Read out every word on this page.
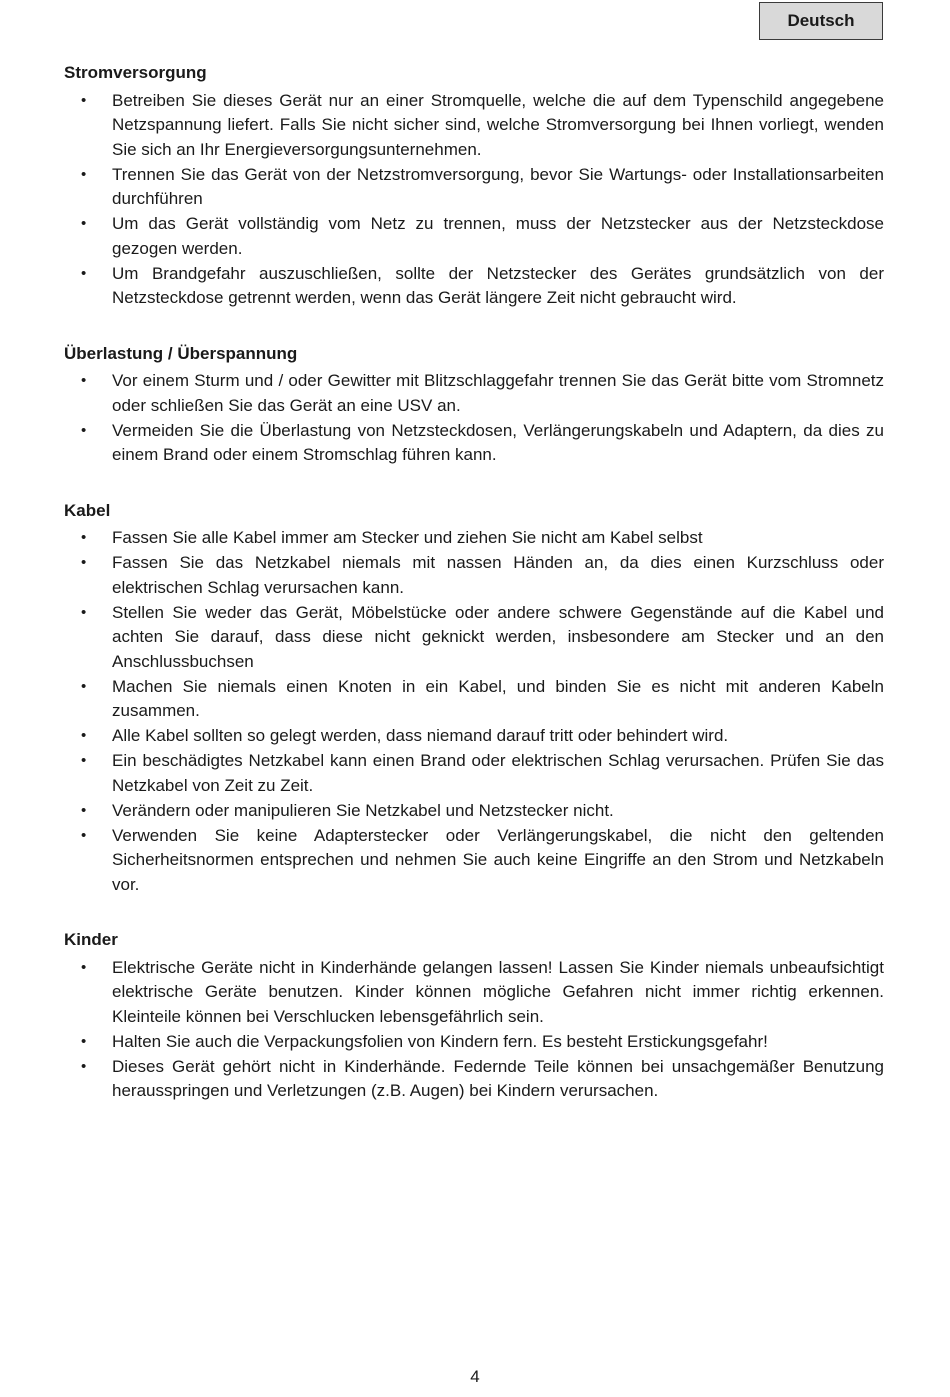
Deutsch
Stromversorgung
• Betreiben Sie dieses Gerät nur an einer Stromquelle, welche die auf dem Typenschild angegebene Netzspannung liefert. Falls Sie nicht sicher sind, welche Stromversorgung bei Ihnen vorliegt, wenden Sie sich an Ihr Energieversorgungsunternehmen.
• Trennen Sie das Gerät von der Netzstromversorgung, bevor Sie Wartungs- oder Installationsarbeiten durchführen
• Um das Gerät vollständig vom Netz zu trennen, muss der Netzstecker aus der Netzsteckdose gezogen werden.
• Um Brandgefahr auszuschließen, sollte der Netzstecker des Gerätes grundsätzlich von der Netzsteckdose getrennt werden, wenn das Gerät längere Zeit nicht gebraucht wird.
Überlastung / Überspannung
• Vor einem Sturm und / oder Gewitter mit Blitzschlaggefahr trennen Sie das Gerät bitte vom Stromnetz oder schließen Sie das Gerät an eine USV an.
• Vermeiden Sie die Überlastung von Netzsteckdosen, Verlängerungskabeln und Adaptern, da dies zu einem Brand oder einem Stromschlag führen kann.
Kabel
• Fassen Sie alle Kabel immer am Stecker und ziehen Sie nicht am Kabel selbst
• Fassen Sie das Netzkabel niemals mit nassen Händen an, da dies einen Kurzschluss oder elektrischen Schlag verursachen kann.
• Stellen Sie weder das Gerät, Möbelstücke oder andere schwere Gegenstände auf die Kabel und achten Sie darauf, dass diese nicht geknickt werden, insbesondere am Stecker und an den Anschlussbuchsen
• Machen Sie niemals einen Knoten in ein Kabel, und binden Sie es nicht mit anderen Kabeln zusammen.
• Alle Kabel sollten so gelegt werden, dass niemand darauf tritt oder behindert wird.
• Ein beschädigtes Netzkabel kann einen Brand oder elektrischen Schlag verursachen. Prüfen Sie das Netzkabel von Zeit zu Zeit.
• Verändern oder manipulieren Sie Netzkabel und Netzstecker nicht.
• Verwenden Sie keine Adapterstecker oder Verlängerungskabel, die nicht den geltenden Sicherheitsnormen entsprechen und nehmen Sie auch keine Eingriffe an den Strom und Netzkabeln vor.
Kinder
• Elektrische Geräte nicht in Kinderhände gelangen lassen! Lassen Sie Kinder niemals unbeaufsichtigt elektrische Geräte benutzen. Kinder können mögliche Gefahren nicht immer richtig erkennen. Kleinteile können bei Verschlucken lebensgefährlich sein.
• Halten Sie auch die Verpackungsfolien von Kindern fern. Es besteht Erstickungsgefahr!
• Dieses Gerät gehört nicht in Kinderhände. Federnde Teile können bei unsachgemäßer Benutzung herausspringen und Verletzungen (z.B. Augen) bei Kindern verursachen.
4
